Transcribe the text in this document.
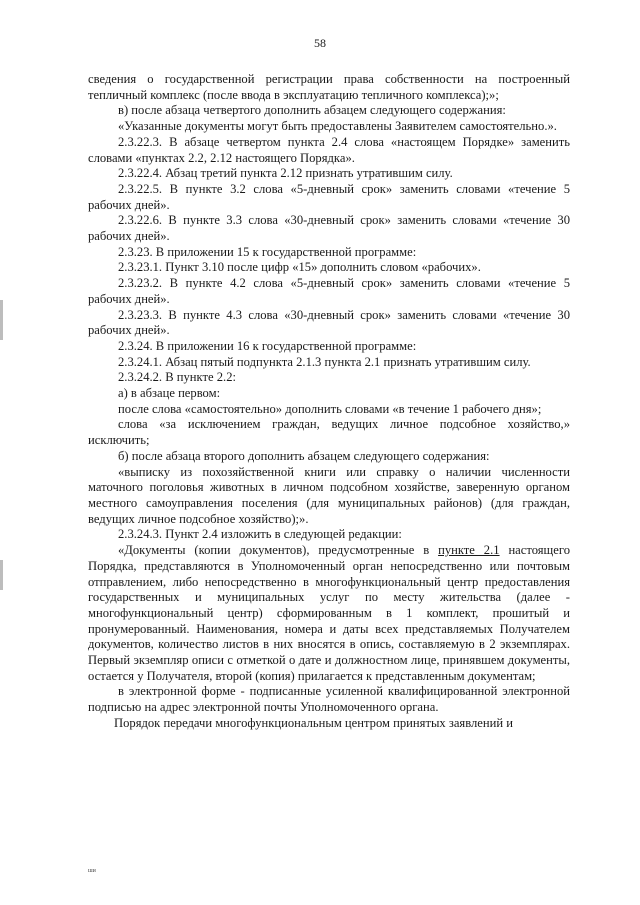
58

сведения о государственной регистрации права собственности на построенный тепличный комплекс (после ввода в эксплуатацию тепличного комплекса);»;

в) после абзаца четвертого дополнить абзацем следующего содержания:

«Указанные документы могут быть предоставлены Заявителем самостоятельно.».

2.3.22.3. В абзаце четвертом пункта 2.4 слова «настоящем Порядке» заменить словами «пунктах 2.2, 2.12 настоящего Порядка».

2.3.22.4. Абзац третий пункта 2.12 признать утратившим силу.

2.3.22.5. В пункте 3.2 слова «5-дневный срок» заменить словами «течение 5 рабочих дней».

2.3.22.6. В пункте 3.3 слова «30-дневный срок» заменить словами «течение 30 рабочих дней».

2.3.23. В приложении 15 к государственной программе:

2.3.23.1. Пункт 3.10 после цифр «15» дополнить словом «рабочих».

2.3.23.2. В пункте 4.2 слова «5-дневный срок» заменить словами «течение 5 рабочих дней».

2.3.23.3. В пункте 4.3 слова «30-дневный срок» заменить словами «течение 30 рабочих дней».

2.3.24. В приложении 16 к государственной программе:

2.3.24.1. Абзац пятый подпункта 2.1.3 пункта 2.1 признать утратившим силу.

2.3.24.2. В пункте 2.2:

а) в абзаце первом:

после слова «самостоятельно» дополнить словами «в течение 1 рабочего дня»;

слова «за исключением граждан, ведущих личное подсобное хозяйство,» исключить;

б) после абзаца второго дополнить абзацем следующего содержания:

«выписку из похозяйственной книги или справку о наличии численности маточного поголовья животных в личном подсобном хозяйстве, заверенную органом местного самоуправления поселения (для муниципальных районов) (для граждан, ведущих личное подсобное хозяйство);».

2.3.24.3. Пункт 2.4 изложить в следующей редакции:

«Документы (копии документов), предусмотренные в пункте 2.1 настоящего Порядка, представляются в Уполномоченный орган непосредственно или почтовым отправлением, либо непосредственно в многофункциональный центр предоставления государственных и муниципальных услуг по месту жительства (далее - многофункциональный центр) сформированным в 1 комплект, прошитый и пронумерованный. Наименования, номера и даты всех представляемых Получателем документов, количество листов в них вносятся в опись, составляемую в 2 экземплярах. Первый экземпляр описи с отметкой о дате и должностном лице, принявшем документы, остается у Получателя, второй (копия) прилагается к представленным документам;

в электронной форме - подписанные усиленной квалифицированной электронной подписью на адрес электронной почты Уполномоченного органа.

Порядок передачи многофункциональным центром принятых заявлений и

ши
